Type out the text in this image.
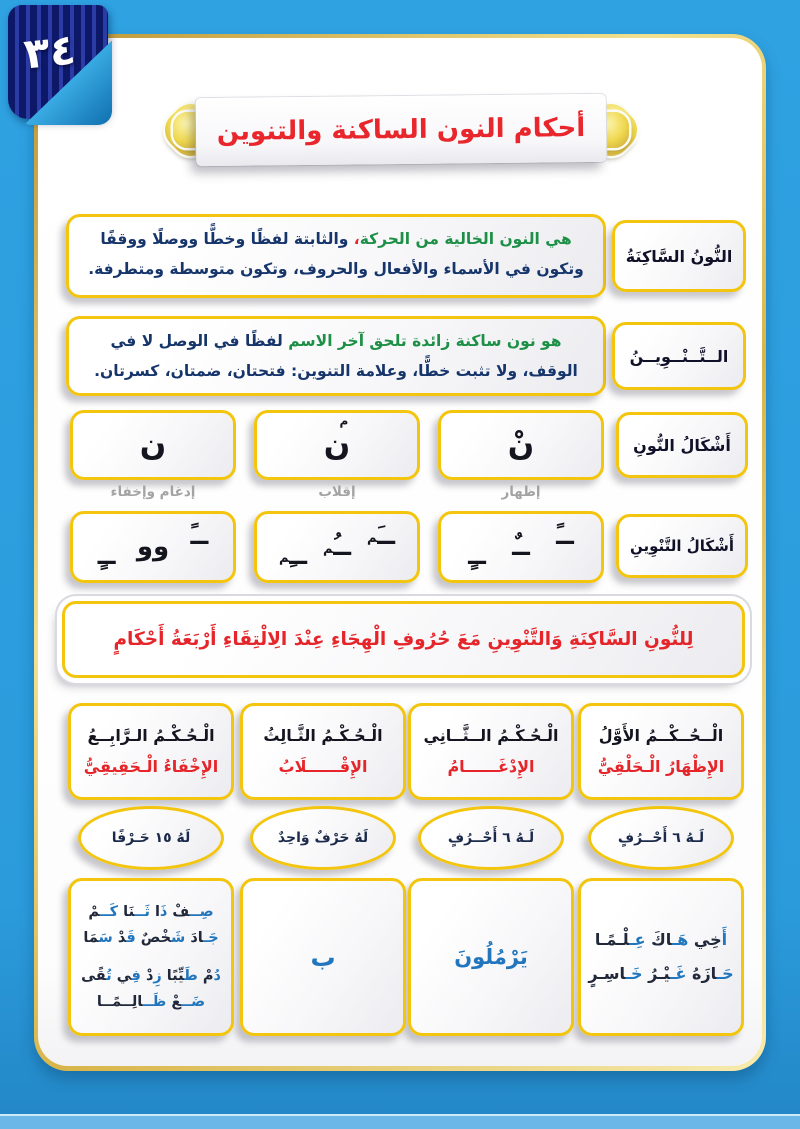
٣٤
أحكام النون الساكنة والتنوين

هي النون الخالية من الحركة، والثابتة لفظًا وخطًّا ووصلًا ووقفًا وتكون في الأسماء والأفعال والحروف، وتكون متوسطة ومتطرفة.

النُّونُ السَّاكِنَةُ

هو نون ساكنة زائدة تلحق آخر الاسم لفظًا في الوصل لا في الوقف، ولا تثبت خطًّا، وعلامة التنوين: فتحتان، ضمتان، كسرتان.

الــتَّــنْــوِيــنُ
أَشْكَالُ النُّونِ
نْ
ن
م
ن
إظهار
إقلاب
إدغام وإخفاء
أَشْكَالُ التَّنْوِينِ
ــً
ــٌ
ــٍ
ــَم
ــُم
ــِم
ــً
وو
ــٍ
لِلنُّونِ السَّاكِنَةِ وَالتَّنْوِينِ مَعَ حُرُوفِ الْهِجَاءِ عِنْدَ الِالْتِقَاءِ أَرْبَعَةُ أَحْكَامٍ
الْــحُــكْــمُ الأَوَّلُ
الإِظْهَارُ الْـحَلْقِيُّ
الْـحُـكْـمُ الــثَّــانِي
الإِدْغَــــــامُ
الْـحُـكْـمُ الثَّـالِثُ
الإِقْــــــلَابُ
الْـحُـكْـمُ الـرَّابِــعُ
الإِخْفَاءُ الْـحَقِيقِيُّ
لَـهُ ٦ أَحْــرُفٍ
لَـهُ ٦ أَحْــرُفٍ
لَهُ حَرْفٌ وَاحِدٌ
لَهُ ١٥ حَـرْفًا
أَخِي هَـاكَ عِـلْـمًـا
حَـازَهُ غَـيْـرُ خَـاسِـرٍ
يَرْمُلُونَ
ب
صِــفْ ذَا ثَــنَا كَــمْ
جَـادَ شَخْصٌ قَدْ سَمَا
دُمْ طَيِّبًا زِدْ فِي تُقًى
ضَــعْ ظَــالِــمًــا
